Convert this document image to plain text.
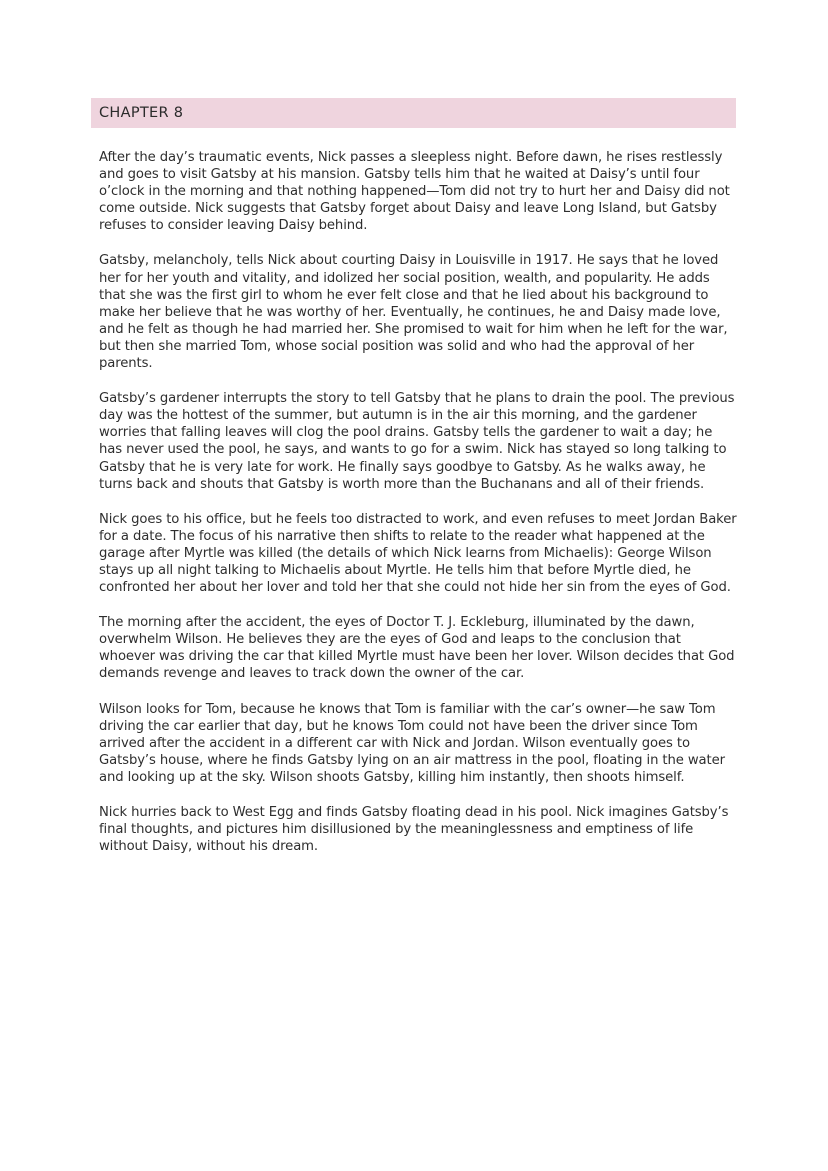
CHAPTER 8

After the day’s traumatic events, Nick passes a sleepless night. Before dawn, he rises restlessly and goes to visit Gatsby at his mansion. Gatsby tells him that he waited at Daisy’s until four o’clock in the morning and that nothing happened—Tom did not try to hurt her and Daisy did not come outside. Nick suggests that Gatsby forget about Daisy and leave Long Island, but Gatsby refuses to consider leaving Daisy behind.

Gatsby, melancholy, tells Nick about courting Daisy in Louisville in 1917. He says that he loved her for her youth and vitality, and idolized her social position, wealth, and popularity. He adds that she was the first girl to whom he ever felt close and that he lied about his background to make her believe that he was worthy of her. Eventually, he continues, he and Daisy made love, and he felt as though he had married her. She promised to wait for him when he left for the war, but then she married Tom, whose social position was solid and who had the approval of her parents.

Gatsby’s gardener interrupts the story to tell Gatsby that he plans to drain the pool. The previous day was the hottest of the summer, but autumn is in the air this morning, and the gardener worries that falling leaves will clog the pool drains. Gatsby tells the gardener to wait a day; he has never used the pool, he says, and wants to go for a swim. Nick has stayed so long talking to Gatsby that he is very late for work. He finally says goodbye to Gatsby. As he walks away, he turns back and shouts that Gatsby is worth more than the Buchanans and all of their friends.

Nick goes to his office, but he feels too distracted to work, and even refuses to meet Jordan Baker for a date. The focus of his narrative then shifts to relate to the reader what happened at the garage after Myrtle was killed (the details of which Nick learns from Michaelis): George Wilson stays up all night talking to Michaelis about Myrtle. He tells him that before Myrtle died, he confronted her about her lover and told her that she could not hide her sin from the eyes of God.

The morning after the accident, the eyes of Doctor T. J. Eckleburg, illuminated by the dawn, overwhelm Wilson. He believes they are the eyes of God and leaps to the conclusion that whoever was driving the car that killed Myrtle must have been her lover. Wilson decides that God demands revenge and leaves to track down the owner of the car.

Wilson looks for Tom, because he knows that Tom is familiar with the car’s owner—he saw Tom driving the car earlier that day, but he knows Tom could not have been the driver since Tom arrived after the accident in a different car with Nick and Jordan. Wilson eventually goes to Gatsby’s house, where he finds Gatsby lying on an air mattress in the pool, floating in the water and looking up at the sky. Wilson shoots Gatsby, killing him instantly, then shoots himself.

Nick hurries back to West Egg and finds Gatsby floating dead in his pool. Nick imagines Gatsby’s final thoughts, and pictures him disillusioned by the meaninglessness and emptiness of life without Daisy, without his dream.
